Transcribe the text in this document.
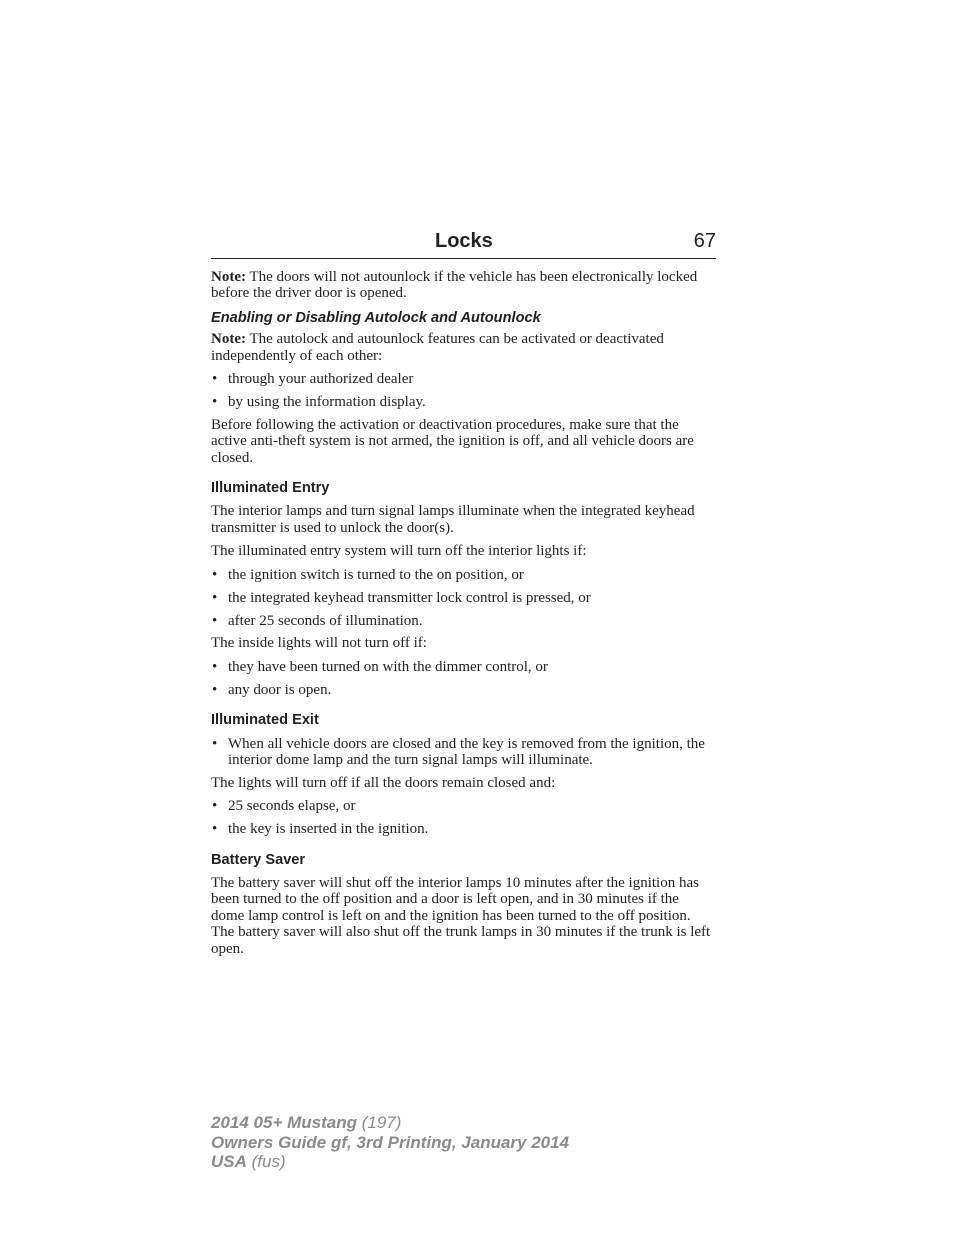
Locks	67

Note: The doors will not autounlock if the vehicle has been electronically locked before the driver door is opened.

Enabling or Disabling Autolock and Autounlock

Note: The autolock and autounlock features can be activated or deactivated independently of each other:

• through your authorized dealer
• by using the information display.

Before following the activation or deactivation procedures, make sure that the active anti-theft system is not armed, the ignition is off, and all vehicle doors are closed.

Illuminated Entry

The interior lamps and turn signal lamps illuminate when the integrated keyhead transmitter is used to unlock the door(s).

The illuminated entry system will turn off the interior lights if:

• the ignition switch is turned to the on position, or
• the integrated keyhead transmitter lock control is pressed, or
• after 25 seconds of illumination.

The inside lights will not turn off if:

• they have been turned on with the dimmer control, or
• any door is open.
Illuminated Exit
• When all vehicle doors are closed and the key is removed from the ignition, the interior dome lamp and the turn signal lamps will illuminate.

The lights will turn off if all the doors remain closed and:

• 25 seconds elapse, or
• the key is inserted in the ignition.
Battery Saver

The battery saver will shut off the interior lamps 10 minutes after the ignition has been turned to the off position and a door is left open, and in 30 minutes if the dome lamp control is left on and the ignition has been turned to the off position. The battery saver will also shut off the trunk lamps in 30 minutes if the trunk is left open.

2014 05+ Mustang (197)
Owners Guide gf, 3rd Printing, January 2014
USA (fus)
